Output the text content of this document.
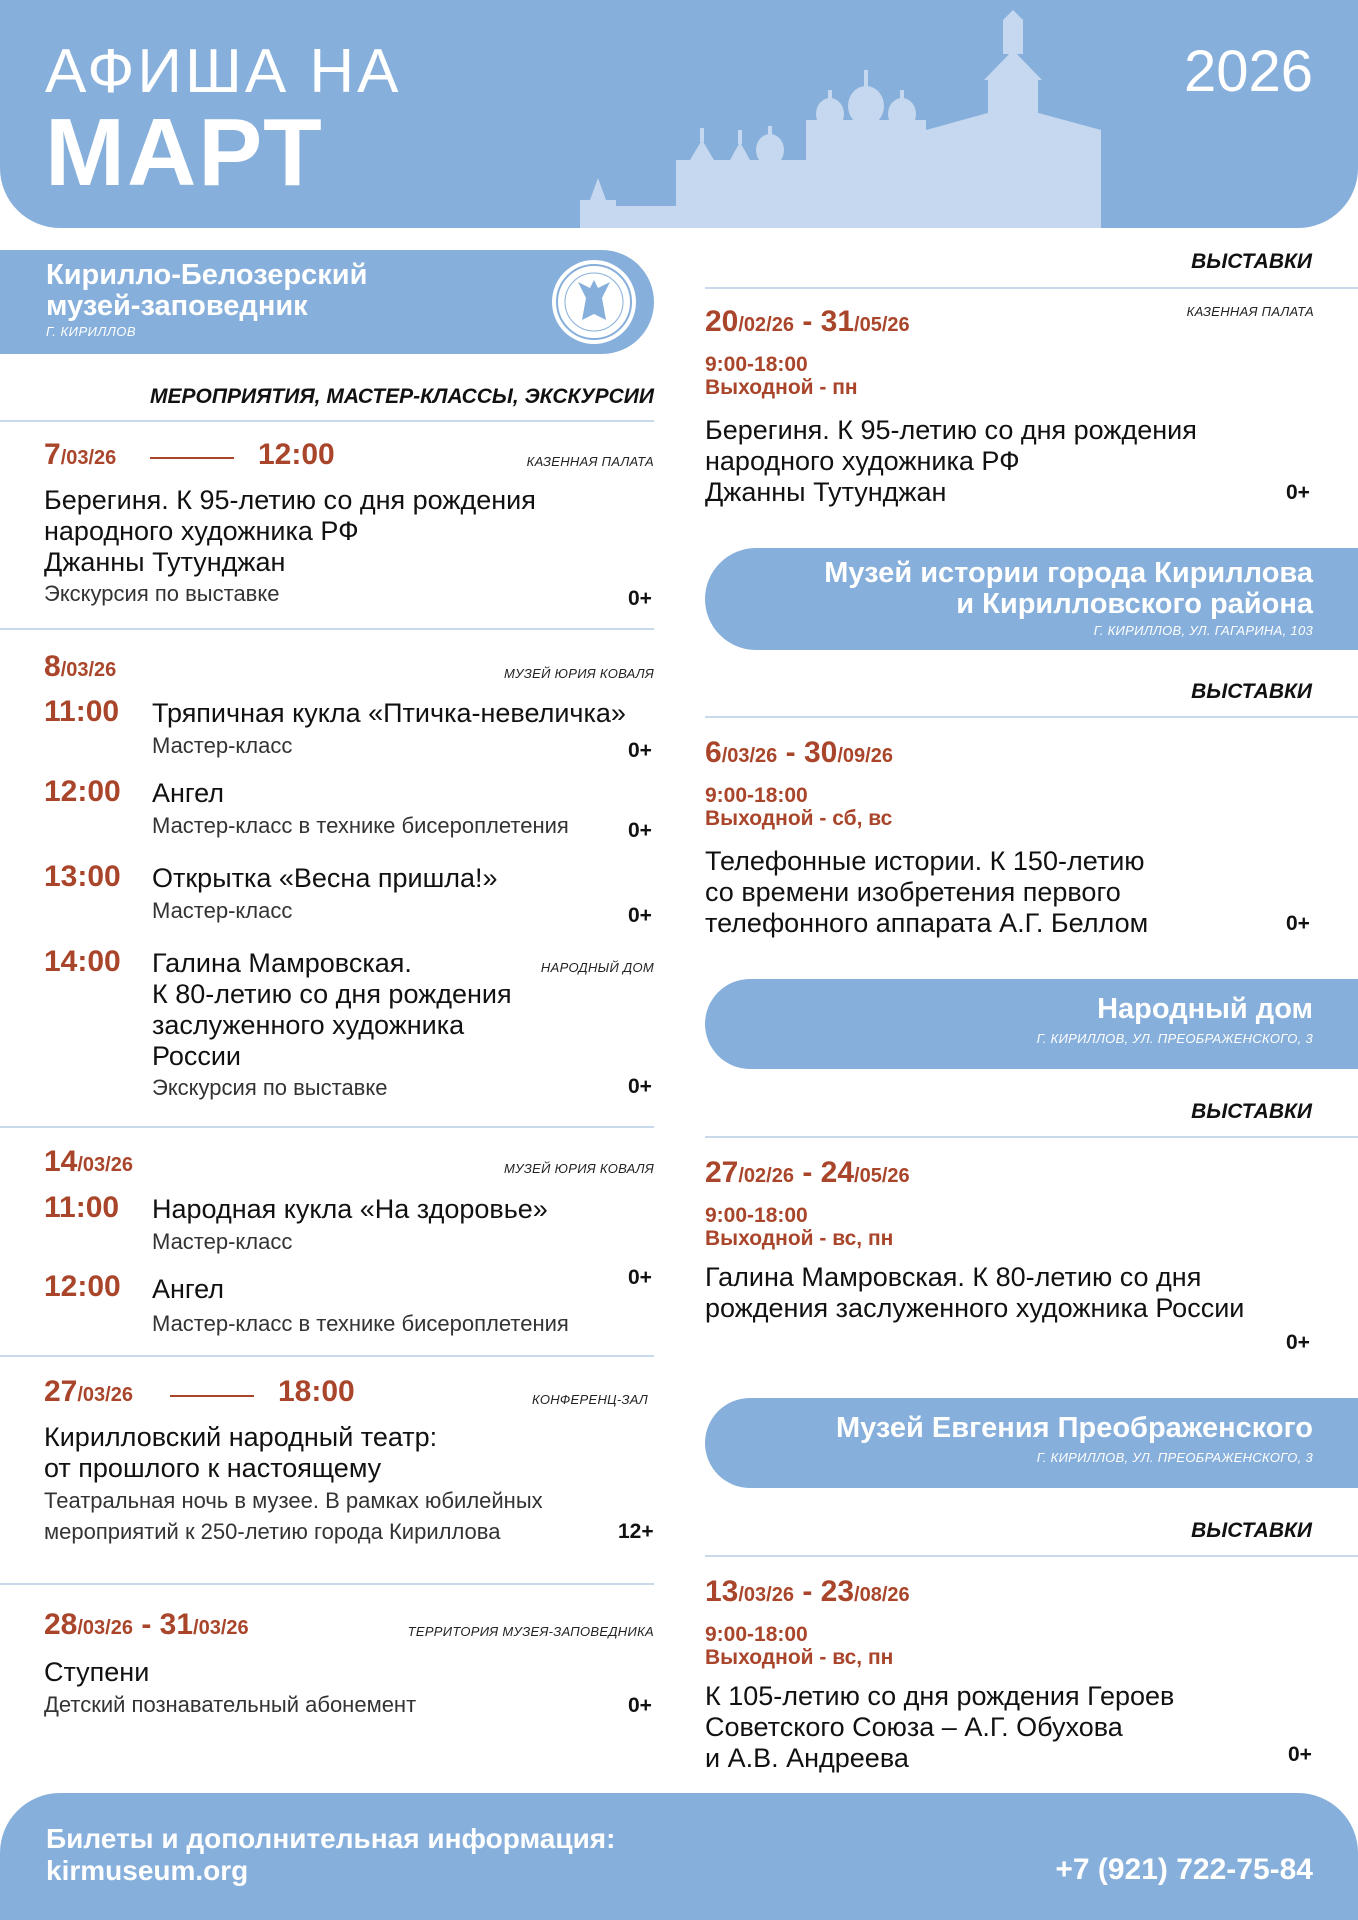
АФИША НА
МАРТ
2026
Кирилло-Белозерский
музей-заповедник
Г. КИРИЛЛОВ
МЕРОПРИЯТИЯ, МАСТЕР-КЛАССЫ, ЭКСКУРСИИ
7/03/26	12:00	КАЗЕННАЯ ПАЛАТА
Берегиня. К 95-летию со дня рождения
народного художника РФ
Джанны Тутунджан
Экскурсия по выставке	0+
8/03/26	МУЗЕЙ ЮРИЯ КОВАЛЯ
11:00 Тряпичная кукла «Птичка-невеличка»
Мастер-класс	0+
12:00 Ангел
Мастер-класс в технике бисероплетения	0+
13:00 Открытка «Весна пришла!»
Мастер-класс	0+
14:00	НАРОДНЫЙ ДОМ
Галина Мамровская.
К 80-летию со дня рождения
заслуженного художника
России
Экскурсия по выставке	0+
14/03/26	МУЗЕЙ ЮРИЯ КОВАЛЯ
11:00 Народная кукла «На здоровье»
Мастер-класс
0+
12:00 Ангел
Мастер-класс в технике бисероплетения
27/03/26	18:00	КОНФЕРЕНЦ-ЗАЛ
Кирилловский народный театр:
от прошлого к настоящему
Театральная ночь в музее. В рамках юбилейных
мероприятий к 250-летию города Кириллова	12+
28/03/26 - 31/03/26	ТЕРРИТОРИЯ МУЗЕЯ-ЗАПОВЕДНИКА
Ступени
Детский познавательный абонемент	0+
ВЫСТАВКИ
КАЗЕННАЯ ПАЛАТА
20/02/26 - 31/05/26
9:00-18:00
Выходной - пн
Берегиня. К 95-летию со дня рождения
народного художника РФ
Джанны Тутунджан	0+
Музей истории города Кириллова
и Кирилловского района
Г. КИРИЛЛОВ, УЛ. ГАГАРИНА, 103
ВЫСТАВКИ
6/03/26 - 30/09/26
9:00-18:00
Выходной - сб, вс
Телефонные истории. К 150-летию
со времени изобретения первого
телефонного аппарата А.Г. Беллом	0+
Народный дом
Г. КИРИЛЛОВ, УЛ. ПРЕОБРАЖЕНСКОГО, 3
ВЫСТАВКИ
27/02/26 - 24/05/26
9:00-18:00
Выходной - вс, пн
Галина Мамровская. К 80-летию со дня
рождения заслуженного художника России
0+
Музей Евгения Преображенского
Г. КИРИЛЛОВ, УЛ. ПРЕОБРАЖЕНСКОГО, 3
ВЫСТАВКИ
13/03/26 - 23/08/26
9:00-18:00
Выходной - вс, пн
К 105-летию со дня рождения Героев
Советского Союза – А.Г. Обухова
и А.В. Андреева	0+
Билеты и дополнительная информация:
kirmuseum.org	+7 (921) 722-75-84
